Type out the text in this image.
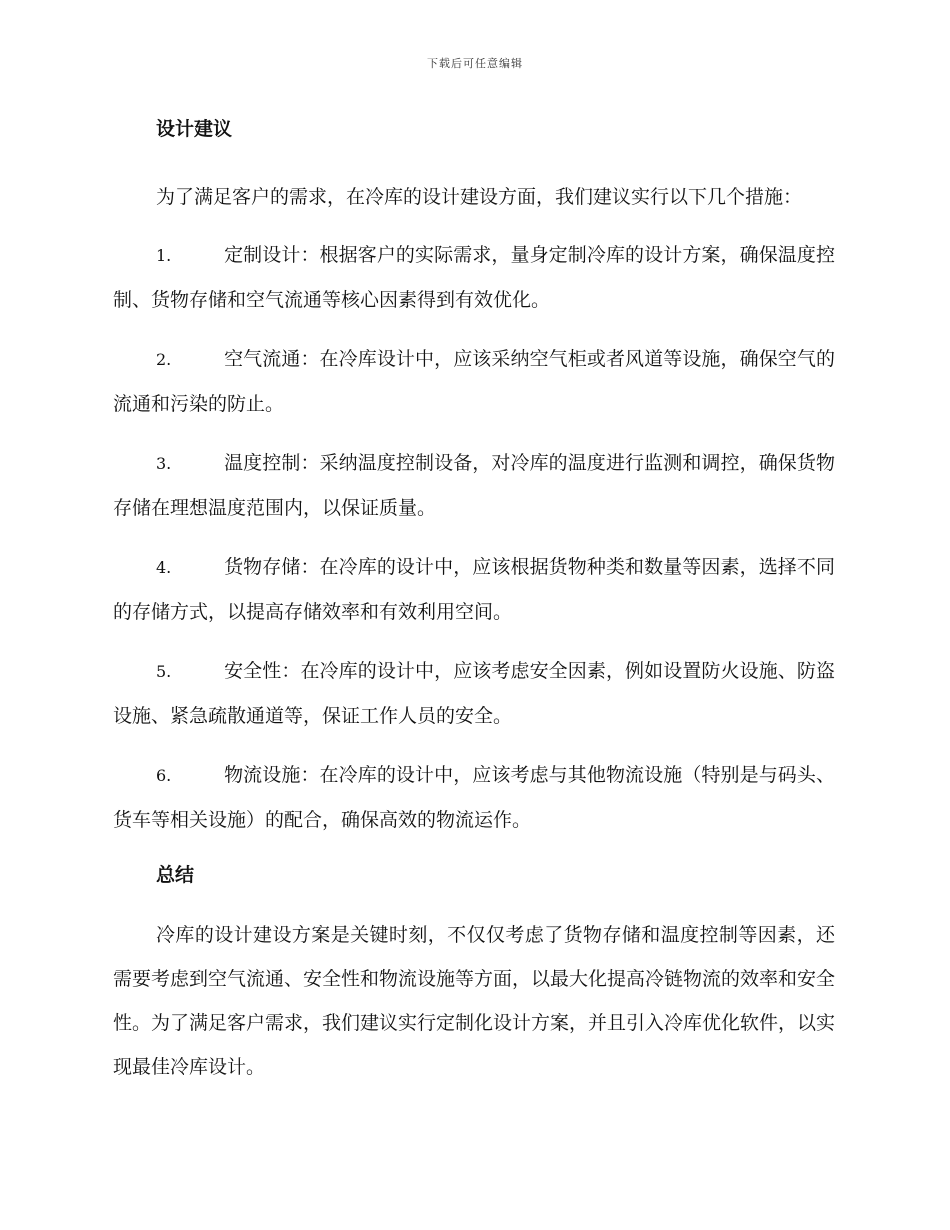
下载后可任意编辑
设计建议

为了满足客户的需求，在冷库的设计建设方面，我们建议实行以下几个措施：

1.	定制设计：根据客户的实际需求，量身定制冷库的设计方案，确保温度控制、货物存储和空气流通等核心因素得到有效优化。
2.	空气流通：在冷库设计中，应该采纳空气柜或者风道等设施，确保空气的流通和污染的防止。
3.	温度控制：采纳温度控制设备，对冷库的温度进行监测和调控，确保货物存储在理想温度范围内，以保证质量。
4.	货物存储：在冷库的设计中，应该根据货物种类和数量等因素，选择不同的存储方式，以提高存储效率和有效利用空间。
5.	安全性：在冷库的设计中，应该考虑安全因素，例如设置防火设施、防盗设施、紧急疏散通道等，保证工作人员的安全。
6.	物流设施：在冷库的设计中，应该考虑与其他物流设施（特别是与码头、货车等相关设施）的配合，确保高效的物流运作。
总结

冷库的设计建设方案是关键时刻，不仅仅考虑了货物存储和温度控制等因素，还需要考虑到空气流通、安全性和物流设施等方面，以最大化提高冷链物流的效率和安全性。为了满足客户需求，我们建议实行定制化设计方案，并且引入冷库优化软件，以实现最佳冷库设计。
